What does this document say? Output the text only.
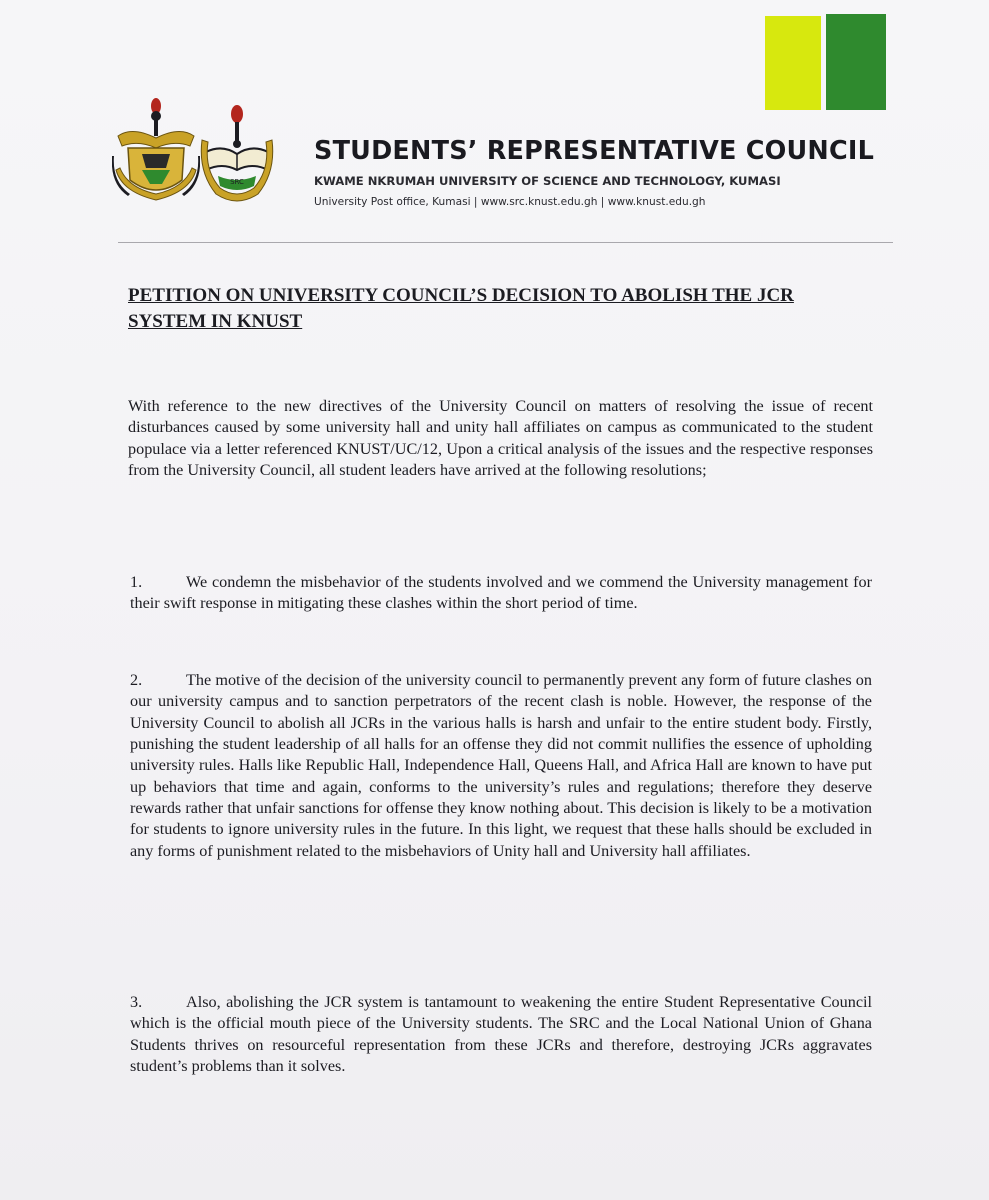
SRC
STUDENTS’ REPRESENTATIVE COUNCIL
KWAME NKRUMAH UNIVERSITY OF SCIENCE AND TECHNOLOGY, KUMASI
University Post office, Kumasi | www.src.knust.edu.gh | www.knust.edu.gh
PETITION ON UNIVERSITY COUNCIL’S DECISION TO ABOLISH THE JCR SYSTEM IN KNUST

With reference to the new directives of the University Council on matters of resolving the issue of recent disturbances caused by some university hall and unity hall affiliates on campus as communicated to the student populace via a letter referenced KNUST/UC/12, Upon a critical analysis of the issues and the respective responses from the University Council, all student leaders have arrived at the following resolutions;

1.	We condemn the misbehavior of the students involved and we commend the University management for their swift response in mitigating these clashes within the short period of time.

2.	The motive of the decision of the university council to permanently prevent any form of future clashes on our university campus and to sanction perpetrators of the recent clash is noble. However, the response of the University Council to abolish all JCRs in the various halls is harsh and unfair to the entire student body. Firstly, punishing the student leadership of all halls for an offense they did not commit nullifies the essence of upholding university rules. Halls like Republic Hall, Independence Hall, Queens Hall, and Africa Hall are known to have put up behaviors that time and again, conforms to the university’s rules and regulations; therefore they deserve rewards rather that unfair sanctions for offense they know nothing about. This decision is likely to be a motivation for students to ignore university rules in the future. In this light, we request that these halls should be excluded in any forms of punishment related to the misbehaviors of Unity hall and University hall affiliates.

3.	Also, abolishing the JCR system is tantamount to weakening the entire Student Representative Council which is the official mouth piece of the University students. The SRC and the Local National Union of Ghana Students thrives on resourceful representation from these JCRs and therefore, destroying JCRs aggravates student’s problems than it solves.
